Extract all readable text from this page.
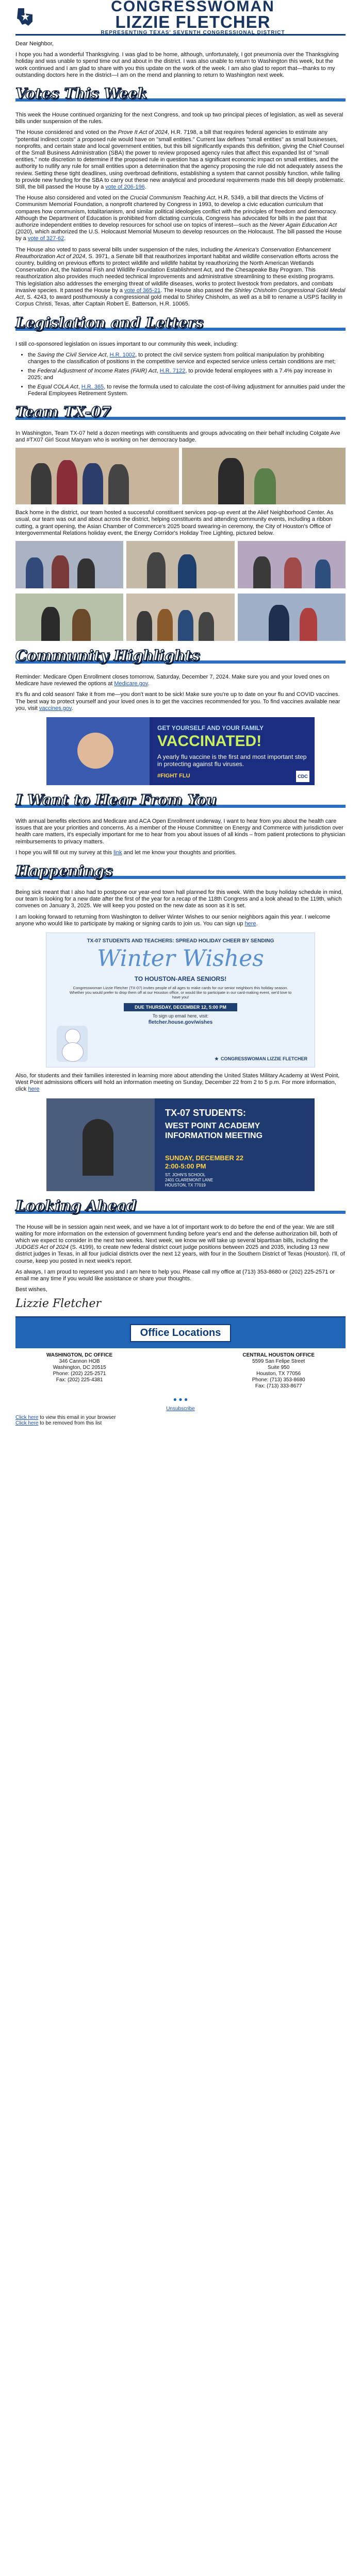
CONGRESSWOMAN
LIZZIE FLETCHER
REPRESENTING TEXAS' SEVENTH CONGRESSIONAL DISTRICT

Dear Neighbor,

I hope you had a wonderful Thanksgiving. I was glad to be home, although, unfortunately, I got pneumonia over the Thanksgiving holiday and was unable to spend time out and about in the district. I was also unable to return to Washington this week, but the work continued and I am glad to share with you this update on the work of the week. I am also glad to report that—thanks to my outstanding doctors here in the district—I am on the mend and planning to return to Washington next week.

Votes This Week

This week the House continued organizing for the next Congress, and took up two principal pieces of legislation, as well as several bills under suspension of the rules.

The House considered and voted on the Prove It Act of 2024, H.R. 7198, a bill that requires federal agencies to estimate any "potential indirect costs" a proposed rule would have on "small entities." Current law defines "small entities" as small businesses, nonprofits, and certain state and local government entities, but this bill significantly expands this definition, giving the Chief Counsel of the Small Business Administration (SBA) the power to review proposed agency rules that affect this expanded list of "small entities," note discretion to determine if the proposed rule in question has a significant economic impact on small entities, and the authority to nullify any rule for small entities upon a determination that the agency proposing the rule did not adequately assess the review. Setting these tight deadlines, using overbroad definitions, establishing a system that cannot possibly function, while failing to provide new funding for the SBA to carry out these new analytical and procedural requirements made this bill deeply problematic. Still, the bill passed the House by a vote of 206-196.

The House also considered and voted on the Crucial Communism Teaching Act, H.R. 5349, a bill that directs the Victims of Communism Memorial Foundation, a nonprofit chartered by Congress in 1993, to develop a civic education curriculum that compares how communism, totalitarianism, and similar political ideologies conflict with the principles of freedom and democracy. Although the Department of Education is prohibited from dictating curricula, Congress has advocated for bills in the past that authorize independent entities to develop resources for school use on topics of interest—such as the Never Again Education Act (2020), which authorized the U.S. Holocaust Memorial Museum to develop resources on the Holocaust. The bill passed the House by a vote of 327-62.

The House also voted to pass several bills under suspension of the rules, including the America's Conservation Enhancement Reauthorization Act of 2024, S. 3971, a Senate bill that reauthorizes important habitat and wildlife conservation efforts across the country, building on previous efforts to protect wildlife and wildlife habitat by reauthorizing the North American Wetlands Conservation Act, the National Fish and Wildlife Foundation Establishment Act, and the Chesapeake Bay Program. This reauthorization also provides much needed technical improvements and administrative streamlining to these existing programs. This legislation also addresses the emerging threat of wildlife diseases, works to protect livestock from predators, and combats invasive species. It passed the House by a vote of 365-21. The House also passed the Shirley Chisholm Congressional Gold Medal Act, S. 4243, to award posthumously a congressional gold medal to Shirley Chisholm, as well as a bill to rename a USPS facility in Corpus Christi, Texas, after Captain Robert E. Batterson, H.R. 10065.

Legislation and Letters

I still co-sponsored legislation on issues important to our community this week, including:

• the Saving the Civil Service Act, H.R. 1002, to protect the civil service system from political manipulation by prohibiting changes to the classification of positions in the competitive service and expected service unless certain conditions are met;
• the Federal Adjustment of Income Rates (FAIR) Act, H.R. 7122, to provide federal employees with a 7.4% pay increase in 2025; and
• the Equal COLA Act, H.R. 365, to revise the formula used to calculate the cost-of-living adjustment for annuities paid under the Federal Employees Retirement System.
Team TX-07

In Washington, Team TX-07 held a dozen meetings with constituents and groups advocating on their behalf including Colgate Ave and #TX07 Girl Scout Maryam who is working on her democracy badge.

Back home in the district, our team hosted a successful constituent services pop-up event at the Alief Neighborhood Center. As usual, our team was out and about across the district, helping constituents and attending community events, including a ribbon cutting, a grant opening, the Asian Chamber of Commerce's 2025 board swearing-in ceremony, the City of Houston's Office of Intergovernmental Relations holiday event, the Energy Corridor's Holiday Tree Lighting, pictured below.

Community Highlights

Reminder: Medicare Open Enrollment closes tomorrow, Saturday, December 7, 2024. Make sure you and your loved ones on Medicare have reviewed the options at Medicare.gov.

It's flu and cold season! Take it from me—you don't want to be sick! Make sure you're up to date on your flu and COVID vaccines. The best way to protect yourself and your loved ones is to get the vaccines recommended for you. To find vaccines available near you, visit vaccines.gov.

GET YOURSELF AND YOUR FAMILY
VACCINATED!
A yearly flu vaccine is the first and most important step in protecting against flu viruses.
#FIGHT FLU	CDC
I Want to Hear From You

With annual benefits elections and Medicare and ACA Open Enrollment underway, I want to hear from you about the health care issues that are your priorities and concerns. As a member of the House Committee on Energy and Commerce with jurisdiction over health care matters, it's especially important for me to hear from you about issues of all kinds – from patient protections to physician reimbursements to privacy matters.

I hope you will fill out my survey at this link and let me know your thoughts and priorities.

Happenings

Being sick meant that I also had to postpone our year-end town hall planned for this week. With the busy holiday schedule in mind, our team is looking for a new date after the first of the year for a recap of the 118th Congress and a look ahead to the 119th, which convenes on January 3, 2025. We will keep you posted on the new date as soon as it is set.

I am looking forward to returning from Washington to deliver Winter Wishes to our senior neighbors again this year. I welcome anyone who would like to participate by making or signing cards to join us. You can sign up here.

TX-07 STUDENTS AND TEACHERS: SPREAD HOLIDAY CHEER BY SENDING
Winter Wishes
TO HOUSTON-AREA SENIORS!
Congresswoman Lizzie Fletcher (TX-07) invites people of all ages to make cards for our senior neighbors this holiday season. Whether you would prefer to drop them off at our Houston office, or would like to participate in our card-making event, we'd love to have you!
DUE THURSDAY, DECEMBER 12, 5:00 PM
To sign up email here, visit:
fletcher.house.gov/wishes
★ CONGRESSWOMAN LIZZIE FLETCHER

Also, for students and their families interested in learning more about attending the United States Military Academy at West Point, West Point admissions officers will hold an information meeting on Sunday, December 22 from 2 to 5 p.m. For more information, click here

TX-07 STUDENTS:
WEST POINT ACADEMY INFORMATION MEETING
SUNDAY, DECEMBER 22
2:00-5:00 PM
ST. JOHN'S SCHOOL
2401 CLAREMONT LANE
HOUSTON, TX 77019
Looking Ahead

The House will be in session again next week, and we have a lot of important work to do before the end of the year. We are still waiting for more information on the extension of government funding before year's end and the defense authorization bill, both of which we expect to consider in the next two weeks. Next week, we know we will take up several bipartisan bills, including the JUDGES Act of 2024 (S. 4199), to create new federal district court judge positions between 2025 and 2035, including 13 new district judges in Texas, in all four judicial districts over the next 12 years, with four in the Southern District of Texas (Houston). I'll, of course, keep you posted in next week's report.

As always, I am proud to represent you and I am here to help you. Please call my office at (713) 353-8680 or (202) 225-2571 or email me any time if you would like assistance or share your thoughts.

Best wishes,

Lizzie Fletcher
Office Locations
WASHINGTON, DC OFFICE
346 Cannon HOB
Washington, DC 20515
Phone: (202) 225-2571
Fax: (202) 225-4381
CENTRAL HOUSTON OFFICE
5599 San Felipe Street
Suite 950
Houston, TX 77056
Phone: (713) 353-8680
Fax: (713) 333-8677
● ● ●
Unsubscribe
Click here to view this email in your browser
Click here to be removed from this list
